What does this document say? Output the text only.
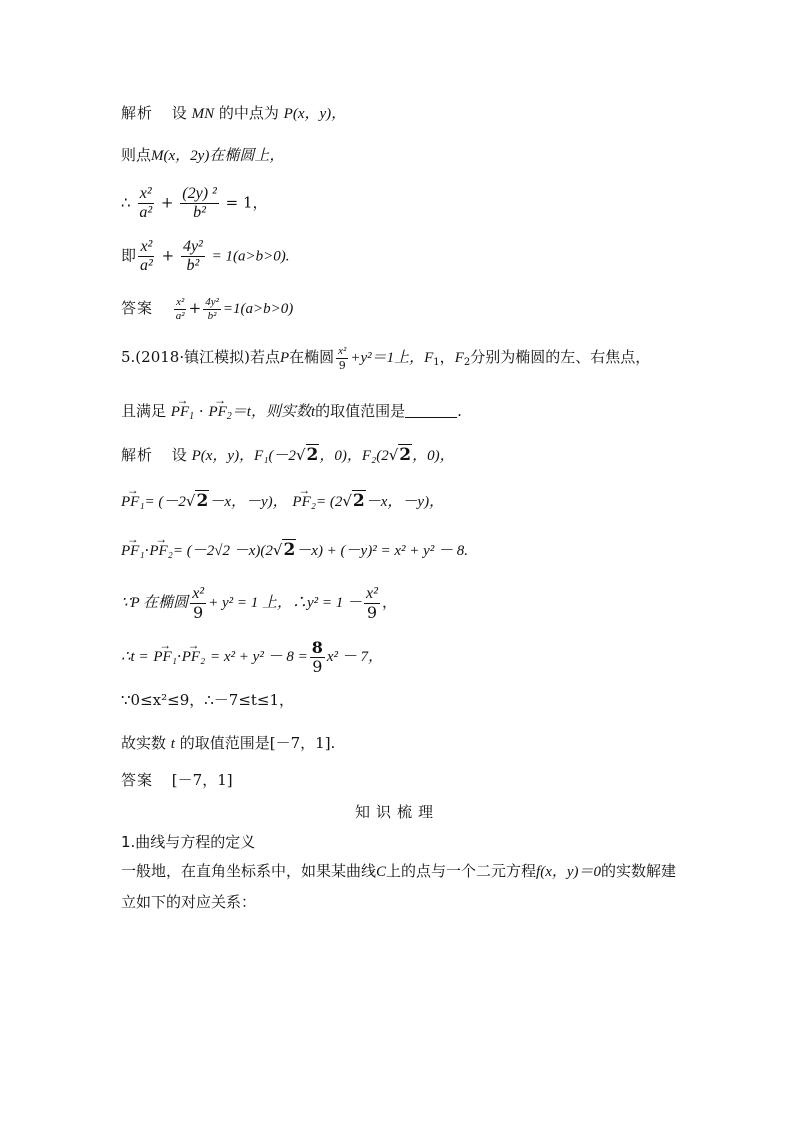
解析 设 MN 的中点为 P(x，y)，
则点M(x，2y)在椭圆上，
∴ $\frac{\text{x²}}{\text{a²}} + \frac{\text{(2y) ²}}{\text{b²}} = 1$，
即 $\frac{\text{x²}}{\text{a²}} + \frac{\text{4y²}}{\text{b²}} = 1(a>b>0)$.
答案 $\frac{\text{x²}}{\text{a²}} + \frac{\text{4y²}}{\text{b²}} =1(a>b>0)$
5.(2018·镇江模拟)若点P在椭圆 $\frac{\text{x²}}{9} +y^2=1$上，$F_1$，$F_2$分别为椭圆的左、右焦点，
且满足 → $PF_1$ · → $PF_2=t$，则实数t的取值范围是	.
解析 设 P(x，y)，F₁(－2√2，0)，F₂(2√2，0)，
→ PF₁= (－2√2－x，－y)， → PF₂= (2√2－x，－y)，
→ PF₁·→ PF₂= (－2√2 －x)(2√2－x) + (－y)² = x² + y² － 8.
∵P 在椭圆 $\frac{\text{x²}}{9} + y^2 = 1$ 上，∴y² = $1 - \frac{\text{x²}}{9}$ ，
∴t = → $PF_1\cdot\to PF_2 = x^2 + y^2 - 8 = \frac{8}{9} x^2 - 7$，
∵0≤x²≤9，∴－7≤t≤1，
故实数 t 的取值范围是[－7，1].
答案 [－7，1]
知识梳理
1.曲线与方程的定义
一般地，在直角坐标系中，如果某曲线C上的点与一个二元方程f(x，y)＝0的实数解建立如下的对应关系：
